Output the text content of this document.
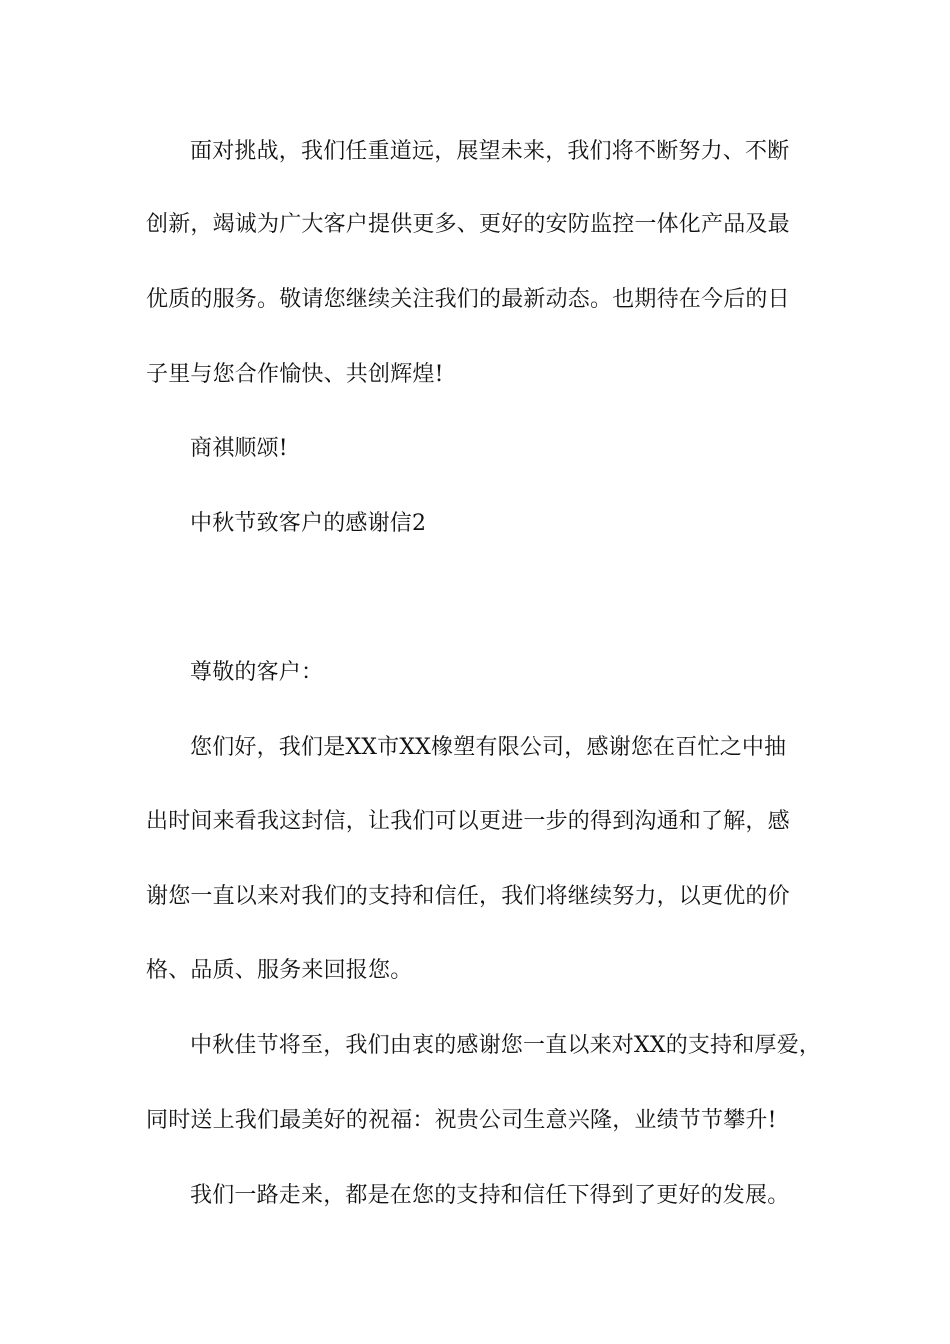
面对挑战，我们任重道远，展望未来，我们将不断努力、不断
创新，竭诚为广大客户提供更多、更好的安防监控一体化产品及最
优质的服务。敬请您继续关注我们的最新动态。也期待在今后的日
子里与您合作愉快、共创辉煌!
商祺顺颂!
中秋节致客户的感谢信2
尊敬的客户：
您们好，我们是XX市XX橡塑有限公司，感谢您在百忙之中抽
出时间来看我这封信，让我们可以更进一步的得到沟通和了解，感
谢您一直以来对我们的支持和信任，我们将继续努力，以更优的价
格、品质、服务来回报您。
中秋佳节将至，我们由衷的感谢您一直以来对XX的支持和厚爱，
同时送上我们最美好的祝福：祝贵公司生意兴隆，业绩节节攀升!
我们一路走来，都是在您的支持和信任下得到了更好的发展。
